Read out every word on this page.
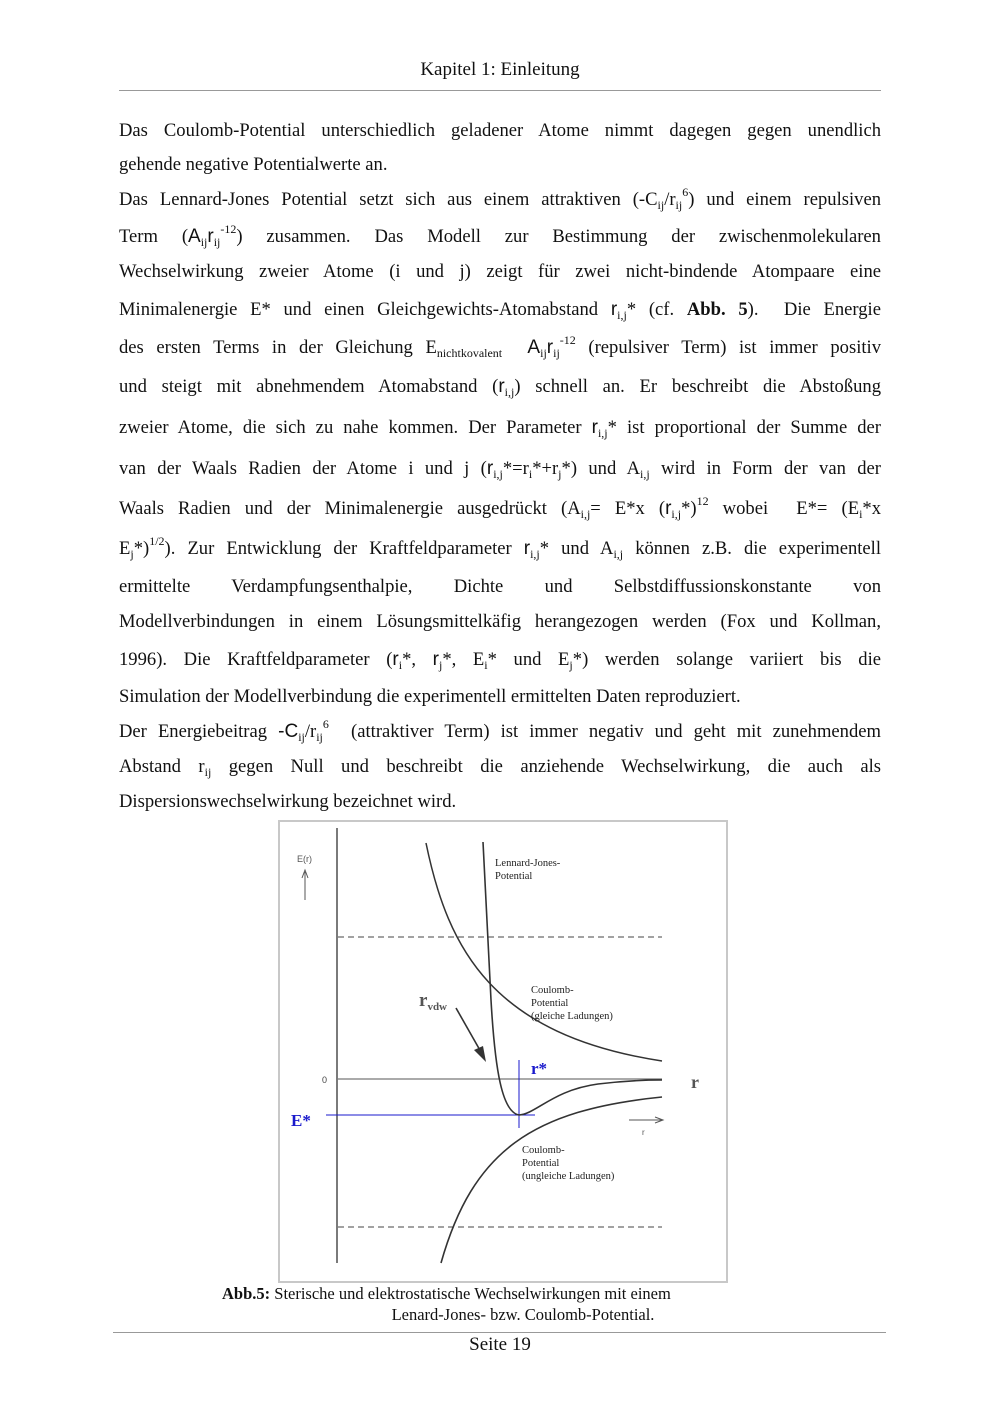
Kapitel 1: Einleitung
Das Coulomb-Potential unterschiedlich geladener Atome nimmt dagegen gegen unendlich
gehende negative Potentialwerte an.
Das Lennard-Jones Potential setzt sich aus einem attraktiven $(-C_{ij}/r_{ij}^6)$ und einem repulsiven
Term $(A_{ij}r_{ij}^{-12})$ zusammen. Das Modell zur Bestimmung der zwischenmolekularen
Wechselwirkung zweier Atome (i und j) zeigt für zwei nicht-bindende Atompaare eine
Minimalenergie E* und einen Gleichgewichts-Atomabstand $r_{i,j}*$ (cf. Abb. 5).  Die Energie
des ersten Terms in der Gleichung $E_{nichtkovalent}$ $A_{ij}r_{ij}^{-12}$ (repulsiver Term) ist immer positiv
und steigt mit abnehmendem Atomabstand $(r_{i,j})$ schnell an. Er beschreibt die Abstoßung
zweier Atome, die sich zu nahe kommen. Der Parameter $r_{i,j}*$ ist proportional der Summe der
van der Waals Radien der Atome i und j $(r_{i,j}*=r_i*+r_j*)$ und $A_{i,j}$ wird in Form der van der
Waals Radien und der Minimalenergie ausgedrückt ($A_{i,j}= E*x$ $(r_{i,j}*)^{12}$ wobei  $E*= (E_i*x$
$E_j*)^{1/2}$). Zur Entwicklung der Kraftfeldparameter $r_{i,j}*$ und $A_{i,j}$ können z.B. die experimentell
ermittelte Verdampfungsenthalpie, Dichte und Selbstdiffussionskonstante von
Modellverbindungen in einem Lösungsmittelkäfig herangezogen werden (Fox und Kollman,
1996). Die Kraftfeldparameter ($r_i*$, $r_j*$, $E_i*$ und $E_j*$) werden solange variiert bis die
Simulation der Modellverbindung die experimentell ermittelten Daten reproduziert.
Der Energiebeitrag $-C_{ij}/r_{ij}^6$  (attraktiver Term) ist immer negativ und geht mit zunehmendem
Abstand $r_{ij}$ gegen Null und beschreibt die anziehende Wechselwirkung, die auch als
Dispersionswechselwirkung bezeichnet wird.
E(r)
0
E*
r*
$r_{vdw}$
Lennard-Jones-
Potential
Coulomb-
Potential
(gleiche Ladungen)
Coulomb-
Potential
(ungleiche Ladungen)
r
r
Abb.5: Sterische und elektrostatische Wechselwirkungen mit einem
Lenard-Jones- bzw. Coulomb-Potential.
Seite 19
